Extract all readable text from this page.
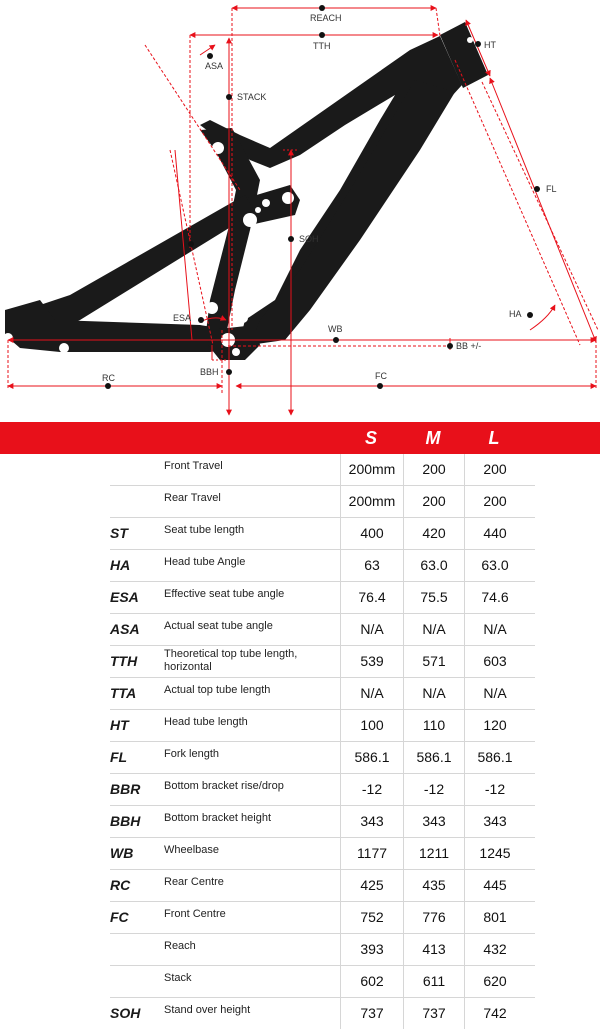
REACH
TTH	HT
ASA
STACK
FL
SOH
ESA	HA
WB
BB +/-
BBH
RC	FC
S	M	L
Front Travel	200mm	200	200
Rear Travel	200mm	200	200
ST	Seat tube length	400	420	440
HA	Head tube Angle	63	63.0	63.0
ESA	Effective seat tube angle	76.4	75.5	74.6
ASA	Actual seat tube angle	N/A	N/A	N/A
TTH	Theoretical top tube length, horizontal	539	571	603
TTA	Actual top tube length	N/A	N/A	N/A
HT	Head tube length	100	110	120
FL	Fork length	586.1	586.1	586.1
BBR	Bottom bracket rise/drop	-12	-12	-12
BBH	Bottom bracket height	343	343	343
WB	Wheelbase	1177	1211	1245
RC	Rear Centre	425	435	445
FC	Front Centre	752	776	801
Reach	393	413	432
Stack	602	611	620
SOH	Stand over height	737	737	742
